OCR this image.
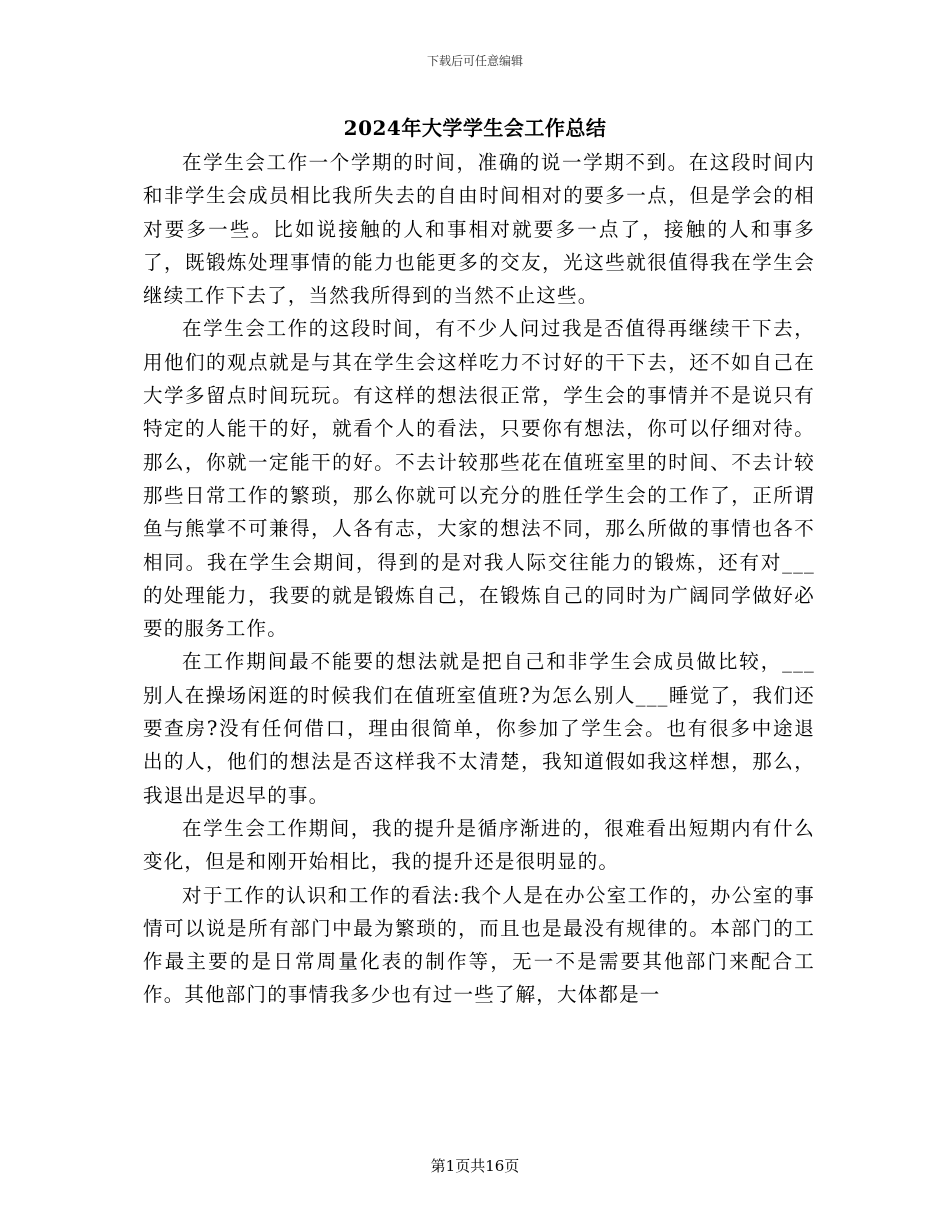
下载后可任意编辑
2024年大学学生会工作总结

在学生会工作一个学期的时间，准确的说一学期不到。在这段时间内和非学生会成员相比我所失去的自由时间相对的要多一点，但是学会的相对要多一些。比如说接触的人和事相对就要多一点了，接触的人和事多了，既锻炼处理事情的能力也能更多的交友，光这些就很值得我在学生会继续工作下去了，当然我所得到的当然不止这些。

在学生会工作的这段时间，有不少人问过我是否值得再继续干下去，用他们的观点就是与其在学生会这样吃力不讨好的干下去，还不如自己在大学多留点时间玩玩。有这样的想法很正常，学生会的事情并不是说只有特定的人能干的好，就看个人的看法，只要你有想法，你可以仔细对待。那么，你就一定能干的好。不去计较那些花在值班室里的时间、不去计较那些日常工作的繁琐，那么你就可以充分的胜任学生会的工作了，正所谓鱼与熊掌不可兼得，人各有志，大家的想法不同，那么所做的事情也各不相同。我在学生会期间，得到的是对我人际交往能力的锻炼，还有对___的处理能力，我要的就是锻炼自己，在锻炼自己的同时为广阔同学做好必要的服务工作。

在工作期间最不能要的想法就是把自己和非学生会成员做比较，___别人在操场闲逛的时候我们在值班室值班?为怎么别人___睡觉了，我们还要查房?没有任何借口，理由很简单，你参加了学生会。也有很多中途退出的人，他们的想法是否这样我不太清楚，我知道假如我这样想，那么，我退出是迟早的事。

在学生会工作期间，我的提升是循序渐进的，很难看出短期内有什么变化，但是和刚开始相比，我的提升还是很明显的。

对于工作的认识和工作的看法:我个人是在办公室工作的，办公室的事情可以说是所有部门中最为繁琐的，而且也是最没有规律的。本部门的工作最主要的是日常周量化表的制作等，无一不是需要其他部门来配合工作。其他部门的事情我多少也有过一些了解，大体都是一

第1页共16页
